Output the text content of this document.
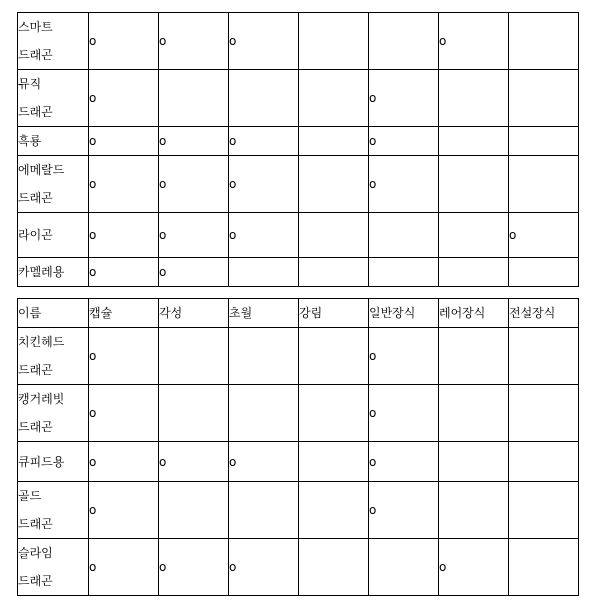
스마트
드래곤	o	o	o			o	

뮤직
드래곤	o				o		

흑룡	o	o	o		o		

에메랄드
드래곤	o	o	o		o		

라이곤	o	o	o				o

카멜레용	o	o					
이름	캡슐	각성	초월	강림	일반장식	레어장식	전설장식

치킨헤드
드래곤	o				o		

캥거레빗
드래곤	o				o		

큐피드용	o	o	o		o		

골드
드래곤	o				o		

슬라임
드래곤	o	o	o			o	
